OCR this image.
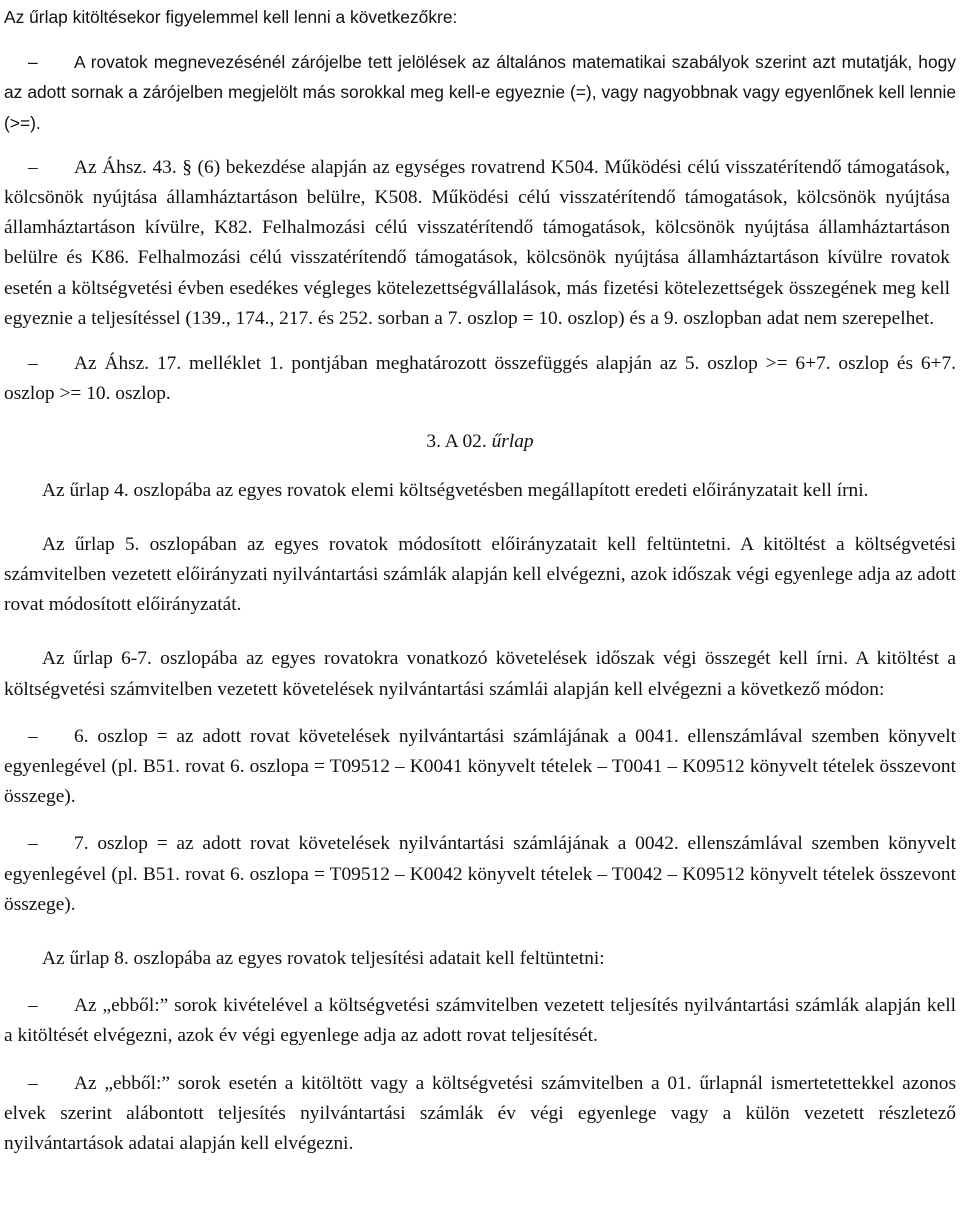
Az űrlap kitöltésekor figyelemmel kell lenni a következőkre:

– A rovatok megnevezésénél zárójelbe tett jelölések az általános matematikai szabályok szerint azt mutatják, hogy az adott sornak a zárójelben megjelölt más sorokkal meg kell-e egyeznie (=), vagy nagyobbnak vagy egyenlőnek kell lennie (>=).

– Az Áhsz. 43. § (6) bekezdése alapján az egységes rovatrend K504. Működési célú visszatérítendő támogatások, kölcsönök nyújtása államháztartáson belülre, K508. Működési célú visszatérítendő támogatások, kölcsönök nyújtása államháztartáson kívülre, K82. Felhalmozási célú visszatérítendő támogatások, kölcsönök nyújtása államháztartáson belülre és K86. Felhalmozási célú visszatérítendő támogatások, kölcsönök nyújtása államháztartáson kívülre rovatok esetén a költségvetési évben esedékes végleges kötelezettségvállalások, más fizetési kötelezettségek összegének meg kell egyeznie a teljesítéssel (139., 174., 217. és 252. sorban a 7. oszlop = 10. oszlop) és a 9. oszlopban adat nem szerepelhet.

– Az Áhsz. 17. melléklet 1. pontjában meghatározott összefüggés alapján az 5. oszlop >= 6+7. oszlop és 6+7. oszlop >= 10. oszlop.

3. A 02. űrlap

Az űrlap 4. oszlopába az egyes rovatok elemi költségvetésben megállapított eredeti előirányzatait kell írni.

Az űrlap 5. oszlopában az egyes rovatok módosított előirányzatait kell feltüntetni. A kitöltést a költségvetési számvitelben vezetett előirányzati nyilvántartási számlák alapján kell elvégezni, azok időszak végi egyenlege adja az adott rovat módosított előirányzatát.

Az űrlap 6-7. oszlopába az egyes rovatokra vonatkozó követelések időszak végi összegét kell írni. A kitöltést a költségvetési számvitelben vezetett követelések nyilvántartási számlái alapján kell elvégezni a következő módon:

– 6. oszlop = az adott rovat követelések nyilvántartási számlájának a 0041. ellenszámlával szemben könyvelt egyenlegével (pl. B51. rovat 6. oszlopa = T09512 – K0041 könyvelt tételek – T0041 – K09512 könyvelt tételek összevont összege).

– 7. oszlop = az adott rovat követelések nyilvántartási számlájának a 0042. ellenszámlával szemben könyvelt egyenlegével (pl. B51. rovat 6. oszlopa = T09512 – K0042 könyvelt tételek – T0042 – K09512 könyvelt tételek összevont összege).

Az űrlap 8. oszlopába az egyes rovatok teljesítési adatait kell feltüntetni:

– Az „ebből:” sorok kivételével a költségvetési számvitelben vezetett teljesítés nyilvántartási számlák alapján kell a kitöltését elvégezni, azok év végi egyenlege adja az adott rovat teljesítését.

– Az „ebből:” sorok esetén a kitöltött vagy a költségvetési számvitelben a 01. űrlapnál ismertetettekkel azonos elvek szerint alábontott teljesítés nyilvántartási számlák év végi egyenlege vagy a külön vezetett részletező nyilvántartások adatai alapján kell elvégezni.
